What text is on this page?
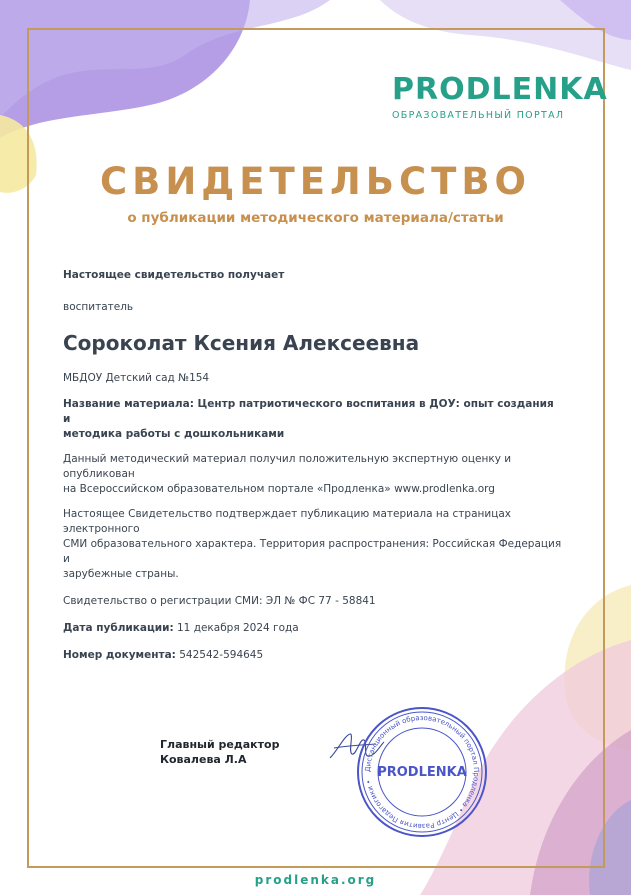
PRODLENKA
ОБРАЗОВАТЕЛЬНЫЙ ПОРТАЛ
СВИДЕТЕЛЬСТВО
о публикации методического материала/статьи

Настоящее свидетельство получает

воспитатель

Сороколат Ксения Алексеевна

МБДОУ Детский сад №154

Название материала: Центр патриотического воспитания в ДОУ: опыт создания и
методика работы с дошкольниками
Данный методический материал получил положительную экспертную оценку и опубликован
на Всероссийском образовательном портале «Продленка» www.prodlenka.org
Настоящее Свидетельство подтверждает публикацию материала на страницах электронного
СМИ образовательного характера. Территория распространения: Российская Федерация и
зарубежные страны.

Свидетельство о регистрации СМИ: ЭЛ № ФС 77 - 58841

Дата публикации: 11 декабря 2024 года

Номер документа: 542542-594645

Главный редактор
Ковалева Л.А
Дистанционный образовательный портал Продленка • Центр Развития Педагогики •
PRODLENKA
prodlenka.org
